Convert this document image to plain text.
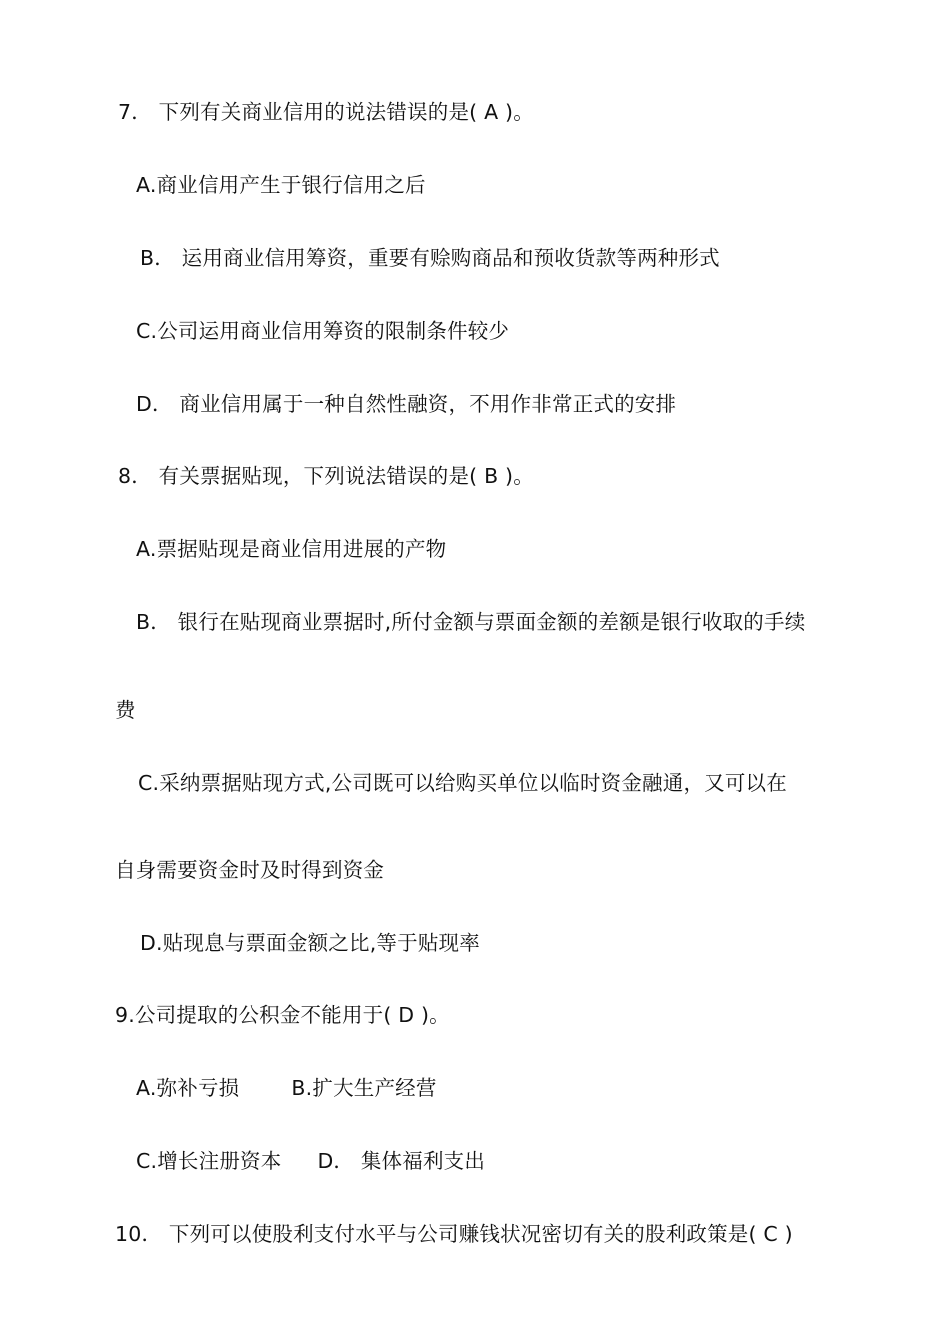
7． 下列有关商业信用的说法错误的是( A )。
A.商业信用产生于银行信用之后
B． 运用商业信用筹资，重要有赊购商品和预收货款等两种形式
C.公司运用商业信用筹资的限制条件较少
D． 商业信用属于一种自然性融资，不用作非常正式的安排
8． 有关票据贴现，下列说法错误的是( B )。
A.票据贴现是商业信用进展的产物
B． 银行在贴现商业票据时,所付金额与票面金额的差额是银行收取的手续
费
C.采纳票据贴现方式,公司既可以给购买单位以临时资金融通，又可以在
自身需要资金时及时得到资金
D.贴现息与票面金额之比,等于贴现率
9.公司提取的公积金不能用于( D )。
A.弥补亏损	B.扩大生产经营
C.增长注册资本 D． 集体福利支出
10． 下列可以使股利支付水平与公司赚钱状况密切有关的股利政策是( C )
